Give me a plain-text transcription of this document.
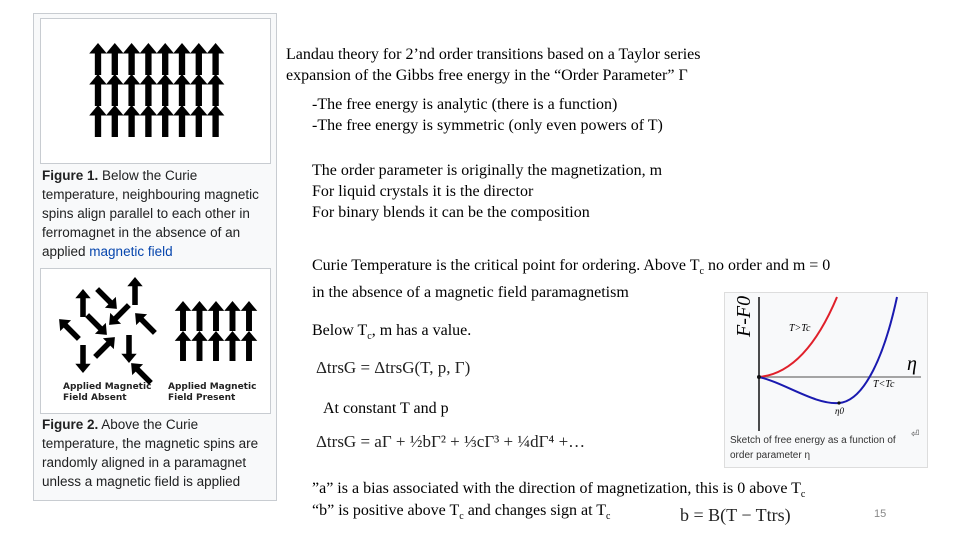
Figure 1. Below the Curie temperature, neighbouring magnetic spins align parallel to each other in ferromagnet in the absence of an applied magnetic field
Applied Magnetic Field Absent
Applied Magnetic Field Present
Figure 2. Above the Curie temperature, the magnetic spins are randomly aligned in a paramagnet unless a magnetic field is applied
Landau theory for 2’nd order transitions based on a Taylor series
expansion of the Gibbs free energy in the “Order Parameter” Γ
-The free energy is analytic (there is a function)
-The free energy is symmetric (only even powers of T)
The order parameter is originally the magnetization, m
For liquid crystals it is the director
For binary blends it can be the composition
Curie Temperature is the critical point for ordering. Above $T_c$ no order and m = 0
in the absence of a magnetic field paramagnetism
Below $T_c$, m has a value.
ΔtrsG = ΔtrsG(T, p, Γ)
At constant T and p
ΔtrsG = aΓ + ½bΓ² + ⅓cΓ³ + ¼dΓ⁴ +…
”a” is a bias associated with the direction of magnetization, this is 0 above $T_c$
“b” is positive above $T_c$ and changes sign at $T_c$	b = B(T − Ttrs)	15
F-F0
η
T>Tc
T<Tc
η0
Sketch of free energy as a function of order parameter η
⏎
